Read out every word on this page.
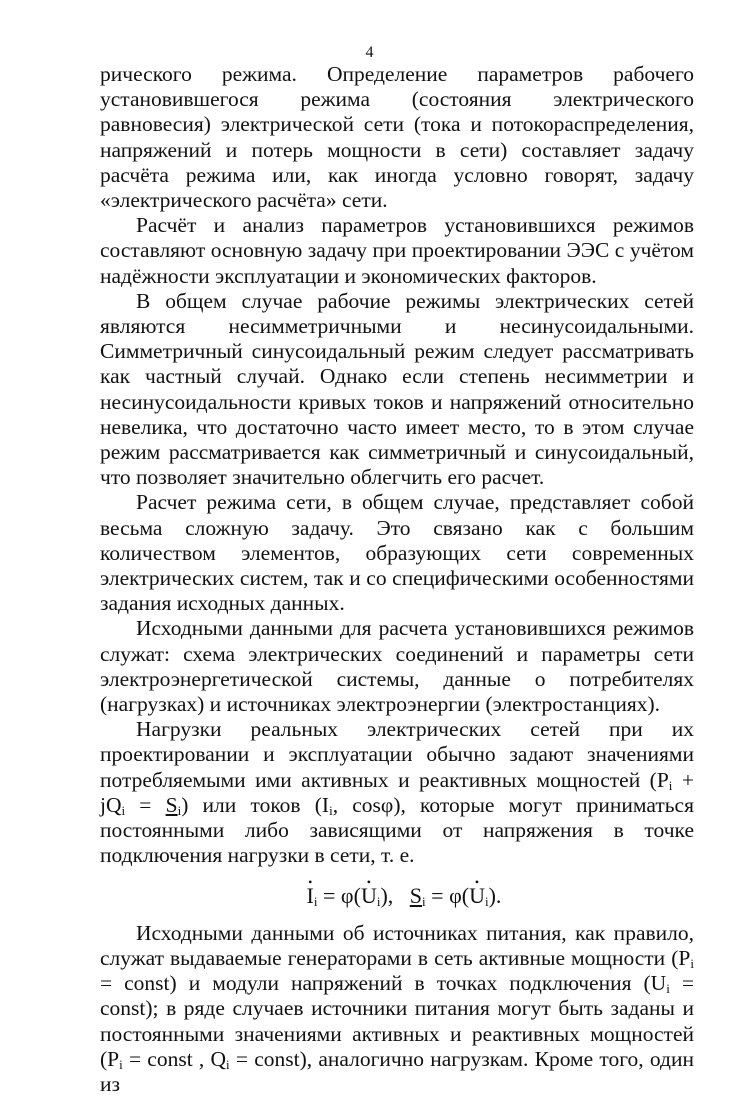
4

рического режима. Определение параметров рабочего установившегося режима (состояния электрического равновесия) электрической сети (тока и потокораспределения, напряжений и потерь мощности в сети) составляет задачу расчёта режима или, как иногда условно говорят, задачу «электрического расчёта» сети.

Расчёт и анализ параметров установившихся режимов составляют основную задачу при проектировании ЭЭС с учётом надёжности эксплуатации и экономических факторов.

В общем случае рабочие режимы электрических сетей являются несимметричными и несинусоидальными. Симметричный синусоидальный режим следует рассматривать как частный случай. Однако если степень несимметрии и несинусоидальности кривых токов и напряжений относительно невелика, что достаточно часто имеет место, то в этом случае режим рассматривается как симметричный и синусоидальный, что позволяет значительно облегчить его расчет.

Расчет режима сети, в общем случае, представляет собой весьма сложную задачу. Это связано как с большим количеством элементов, образующих сети современных электрических систем, так и со специфическими особенностями задания исходных данных.

Исходными данными для расчета установившихся режимов служат: схема электрических соединений и параметры сети электроэнергетической системы, данные о потребителях (нагрузках) и источниках электроэнергии (электростанциях).

Нагрузки реальных электрических сетей при их проектировании и эксплуатации обычно задают значениями потребляемыми ими активных и реактивных мощностей $(P_i + jQ_i = S_i)$ или токов ($I_i$, cosφ), которые могут приниматься постоянными либо зависящими от напряжения в точке подключения нагрузки в сети, т. е.

• $I_i$ = φ(• $U_i$), $S_i$ = φ(• $U_i$).

Исходными данными об источниках питания, как правило, служат выдаваемые генераторами в сеть активные мощности ($P_i$ = const) и модули напряжений в точках подключения ($U_i$ = const); в ряде случаев источники питания могут быть заданы и постоянными значениями активных и реактивных мощностей ($P_i$ = const , $Q_i$ = const), аналогично нагрузкам. Кроме того, один из
